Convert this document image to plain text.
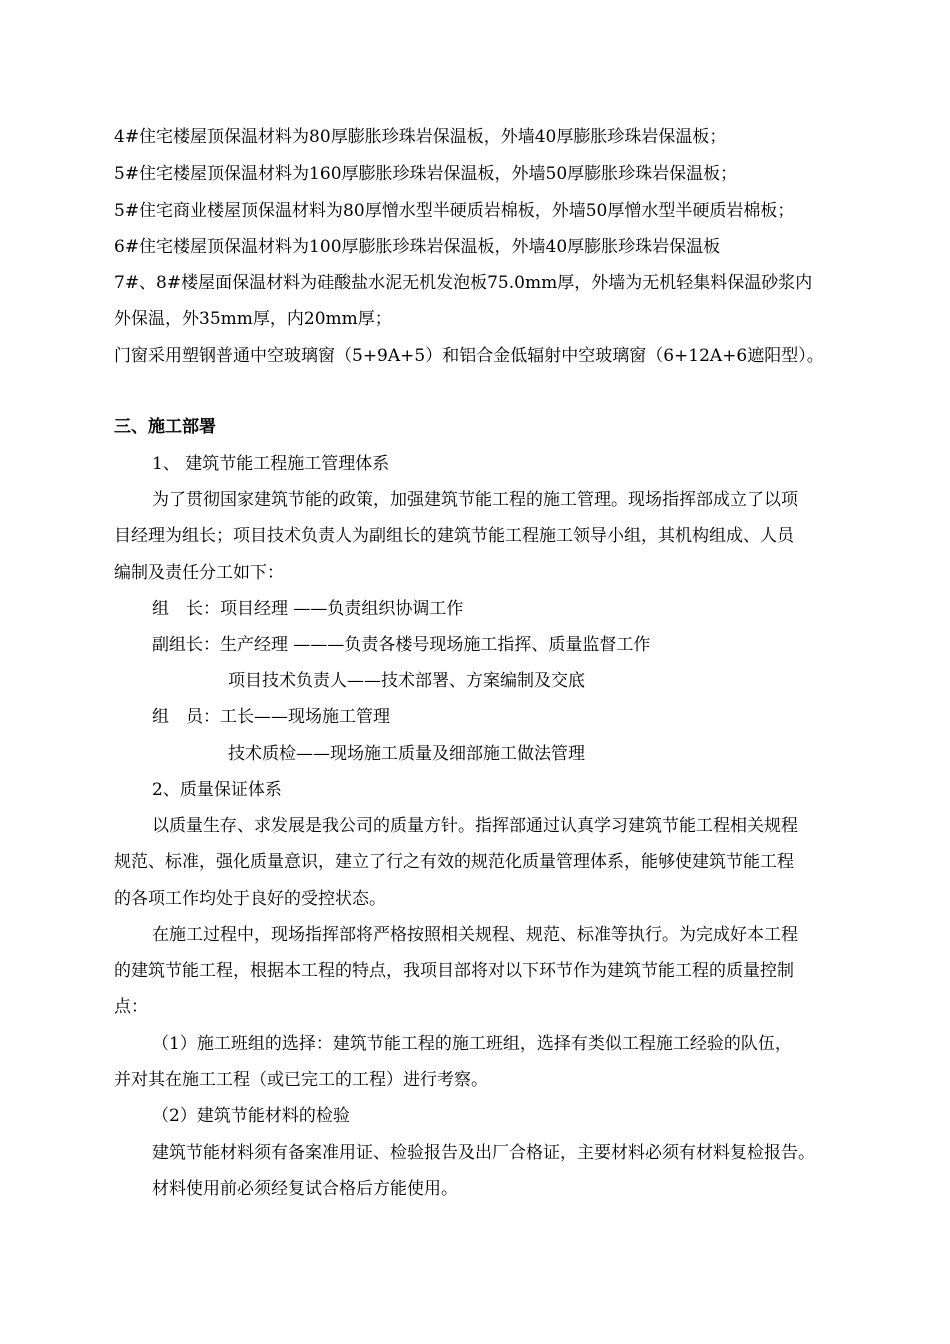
4#住宅楼屋顶保温材料为80厚膨胀珍珠岩保温板，外墙40厚膨胀珍珠岩保温板；
5#住宅楼屋顶保温材料为160厚膨胀珍珠岩保温板，外墙50厚膨胀珍珠岩保温板；
5#住宅商业楼屋顶保温材料为80厚憎水型半硬质岩棉板，外墙50厚憎水型半硬质岩棉板；
6#住宅楼屋顶保温材料为100厚膨胀珍珠岩保温板，外墙40厚膨胀珍珠岩保温板
7#、8#楼屋面保温材料为硅酸盐水泥无机发泡板75.0mm厚，外墙为无机轻集料保温砂浆内
外保温，外35mm厚，内20mm厚；
门窗采用塑钢普通中空玻璃窗（5+9A+5）和铝合金低辐射中空玻璃窗（6+12A+6遮阳型）。
三、施工部署
1、 建筑节能工程施工管理体系
为了贯彻国家建筑节能的政策，加强建筑节能工程的施工管理。现场指挥部成立了以项
目经理为组长；项目技术负责人为副组长的建筑节能工程施工领导小组，其机构组成、人员
编制及责任分工如下：
组　长：项目经理 ——负责组织协调工作
副组长：生产经理 ———负责各楼号现场施工指挥、质量监督工作
项目技术负责人——技术部署、方案编制及交底
组　员：工长——现场施工管理
技术质检——现场施工质量及细部施工做法管理
2、质量保证体系
以质量生存、求发展是我公司的质量方针。指挥部通过认真学习建筑节能工程相关规程
规范、标准，强化质量意识，建立了行之有效的规范化质量管理体系，能够使建筑节能工程
的各项工作均处于良好的受控状态。
在施工过程中，现场指挥部将严格按照相关规程、规范、标准等执行。为完成好本工程
的建筑节能工程，根据本工程的特点，我项目部将对以下环节作为建筑节能工程的质量控制
点：
（1）施工班组的选择：建筑节能工程的施工班组，选择有类似工程施工经验的队伍，
并对其在施工工程（或已完工的工程）进行考察。
（2）建筑节能材料的检验
建筑节能材料须有备案准用证、检验报告及出厂合格证，主要材料必须有材料复检报告。
材料使用前必须经复试合格后方能使用。
